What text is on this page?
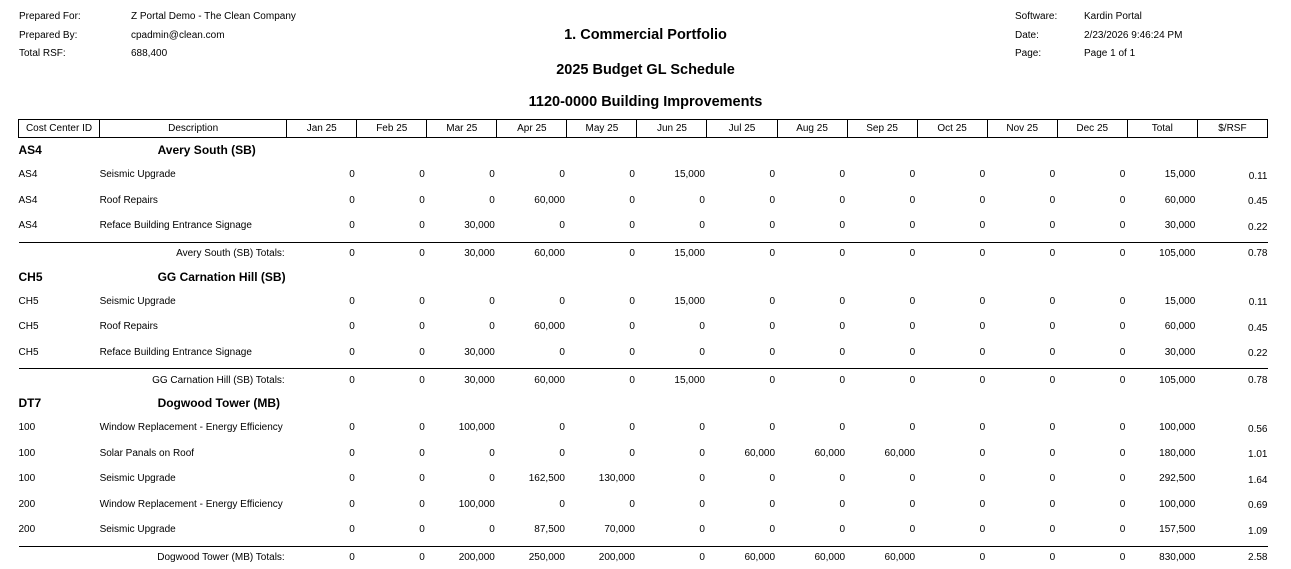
Prepared For:	Z Portal Demo - The Clean Company
Prepared By:	cpadmin@clean.com
Total RSF:	688,400
Software:	Kardin Portal
Date:	2/23/2026 9:46:24 PM
Page:	Page 1 of 1
1. Commercial Portfolio
2025 Budget GL Schedule
1120-0000 Building Improvements
Cost Center ID	Description	Jan 25	Feb 25	Mar 25	Apr 25	May 25	Jun 25	Jul 25	Aug 25	Sep 25	Oct 25	Nov 25	Dec 25	Total	$/RSF
AS4	Avery South (SB)														
AS4	Seismic Upgrade	0	0	0	0	0	15,000	0	0	0	0	0	0	15,000	0.11
AS4	Roof Repairs	0	0	0	60,000	0	0	0	0	0	0	0	0	60,000	0.45
AS4	Reface Building Entrance Signage	0	0	30,000	0	0	0	0	0	0	0	0	0	30,000	0.22

Avery South (SB) Totals:		0	0	30,000	60,000	0	15,000	0	0	0	0	0	0	105,000	0.78
CH5	GG Carnation Hill (SB)														
CH5	Seismic Upgrade	0	0	0	0	0	15,000	0	0	0	0	0	0	15,000	0.11
CH5	Roof Repairs	0	0	0	60,000	0	0	0	0	0	0	0	0	60,000	0.45
CH5	Reface Building Entrance Signage	0	0	30,000	0	0	0	0	0	0	0	0	0	30,000	0.22

GG Carnation Hill (SB) Totals:		0	0	30,000	60,000	0	15,000	0	0	0	0	0	0	105,000	0.78
DT7	Dogwood Tower (MB)														
100	Window Replacement - Energy Efficiency	0	0	100,000	0	0	0	0	0	0	0	0	0	100,000	0.56
100	Solar Panals on Roof	0	0	0	0	0	0	60,000	60,000	60,000	0	0	0	180,000	1.01
100	Seismic Upgrade	0	0	0	162,500	130,000	0	0	0	0	0	0	0	292,500	1.64
200	Window Replacement - Energy Efficiency	0	0	100,000	0	0	0	0	0	0	0	0	0	100,000	0.69
200	Seismic Upgrade	0	0	0	87,500	70,000	0	0	0	0	0	0	0	157,500	1.09

Dogwood Tower (MB) Totals:		0	0	200,000	250,000	200,000	0	60,000	60,000	60,000	0	0	0	830,000	2.58
